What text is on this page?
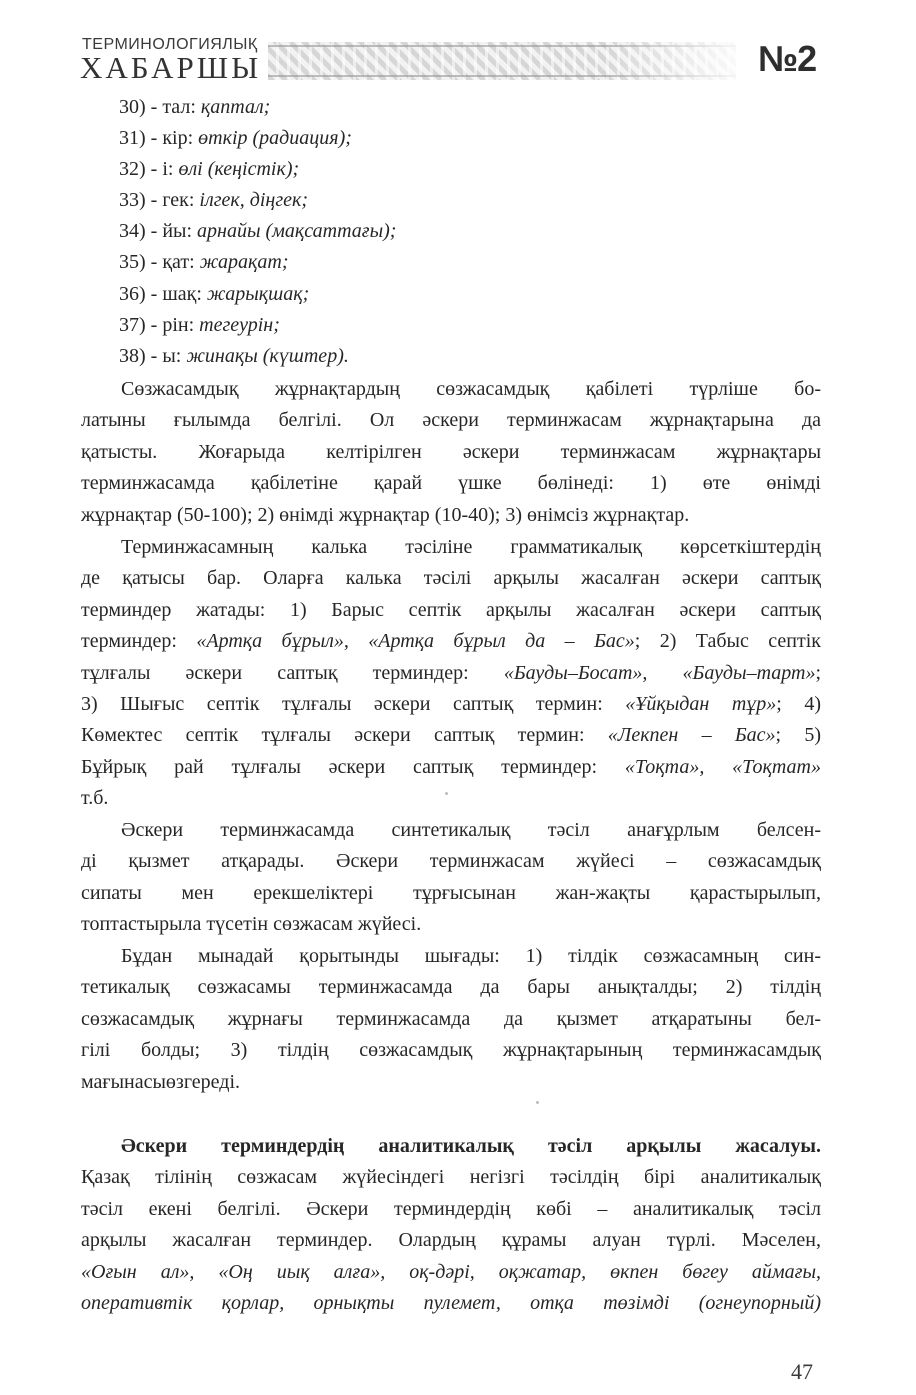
ТЕРМИНОЛОГИЯЛЫҚ
ХАБАРШЫ	№2
30) - тал: қаптал;
31) - кір: өткір (радиация);
32) - і: өлі (кеңістік);
33) - гек: ілгек, діңгек;
34) - йы: арнайы (мақсаттағы);
35) - қат: жарақат;
36) - шақ: жарықшақ;
37) - рін: тегеурін;
38) - ы: жинақы (күштер).
Сөзжасамдық жұрнақтардың сөзжасамдық қабілеті түрліше бо-
латыны ғылымда белгілі. Ол әскери терминжасам жұрнақтарына да
қатысты. Жоғарыда келтірілген әскери терминжасам жұрнақтары
терминжасамда қабілетіне қарай үшке бөлінеді: 1) өте өнімді
жұрнақтар (50-100); 2) өнімді жұрнақтар (10-40); 3) өнімсіз жұрнақтар.
Терминжасамның калька тәсіліне грамматикалық көрсеткіштердің
де қатысы бар. Оларға калька тәсілі арқылы жасалған әскери саптық
терминдер жатады: 1) Барыс септік арқылы жасалған әскери саптық
терминдер: «Артқа бұрыл», «Артқа бұрыл да – Бас»; 2) Табыс септік
тұлғалы әскери саптық терминдер: «Бауды–Босат», «Бауды–тарт»;
3) Шығыс септік тұлғалы әскери саптық термин: «Ұйқыдан тұр»; 4)
Көмектес септік тұлғалы әскери саптық термин: «Лекпен – Бас»; 5)
Бұйрық рай тұлғалы әскери саптық терминдер: «Тоқта», «Тоқтат»
т.б.
Әскери терминжасамда синтетикалық тәсіл анағұрлым белсен-
ді қызмет атқарады. Әскери терминжасам жүйесі – сөзжасамдық
сипаты мен ерекшеліктері тұрғысынан жан-жақты қарастырылып,
топтастырыла түсетін сөзжасам жүйесі.
Бұдан мынадай қорытынды шығады: 1) тілдік сөзжасамның син-
тетикалық сөзжасамы терминжасамда да бары анықталды; 2) тілдің
сөзжасамдық жұрнағы терминжасамда да қызмет атқаратыны бел-
гілі болды; 3) тілдің сөзжасамдық жұрнақтарының терминжасамдық
мағынасыөзгереді.
Әскери терминдердің аналитикалық тәсіл арқылы жасалуы.
Қазақ тілінің сөзжасам жүйесіндегі негізгі тәсілдің бірі аналитикалық
тәсіл екені белгілі. Әскери терминдердің көбі – аналитикалық тәсіл
арқылы жасалған терминдер. Олардың құрамы алуан түрлі. Мәселен,
«Оғын ал», «Оң иық алға», оқ-дәрі, оқжатар, өкпен бөгеу аймағы,
оперативтік қорлар, орнықты пулемет, отқа төзімді (огнеупорный)
47
